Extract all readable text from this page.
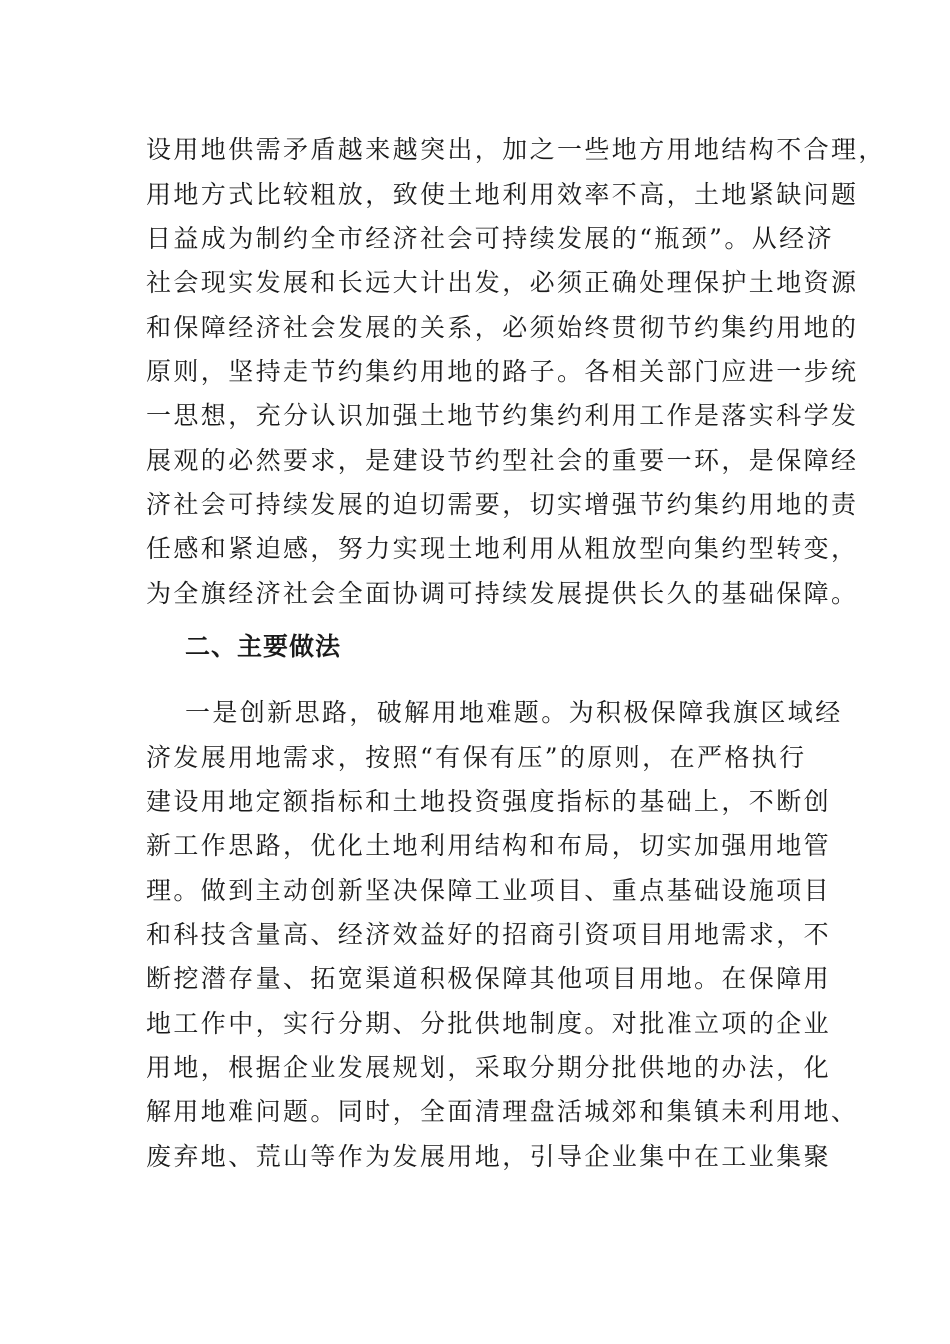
设用地供需矛盾越来越突出，加之一些地方用地结构不合理，
用地方式比较粗放，致使土地利用效率不高，土地紧缺问题
日益成为制约全市经济社会可持续发展的“瓶颈”。从经济
社会现实发展和长远大计出发，必须正确处理保护土地资源
和保障经济社会发展的关系，必须始终贯彻节约集约用地的
原则，坚持走节约集约用地的路子。各相关部门应进一步统
一思想，充分认识加强土地节约集约利用工作是落实科学发
展观的必然要求，是建设节约型社会的重要一环，是保障经
济社会可持续发展的迫切需要，切实增强节约集约用地的责
任感和紧迫感，努力实现土地利用从粗放型向集约型转变，
为全旗经济社会全面协调可持续发展提供长久的基础保障。
二、主要做法
一是创新思路，破解用地难题。为积极保障我旗区域经
济发展用地需求，按照“有保有压”的原则，在严格执行
建设用地定额指标和土地投资强度指标的基础上，不断创
新工作思路，优化土地利用结构和布局，切实加强用地管
理。做到主动创新坚决保障工业项目、重点基础设施项目
和科技含量高、经济效益好的招商引资项目用地需求，不
断挖潜存量、拓宽渠道积极保障其他项目用地。在保障用
地工作中，实行分期、分批供地制度。对批准立项的企业
用地，根据企业发展规划，采取分期分批供地的办法，化
解用地难问题。同时，全面清理盘活城郊和集镇未利用地、
废弃地、荒山等作为发展用地，引导企业集中在工业集聚
